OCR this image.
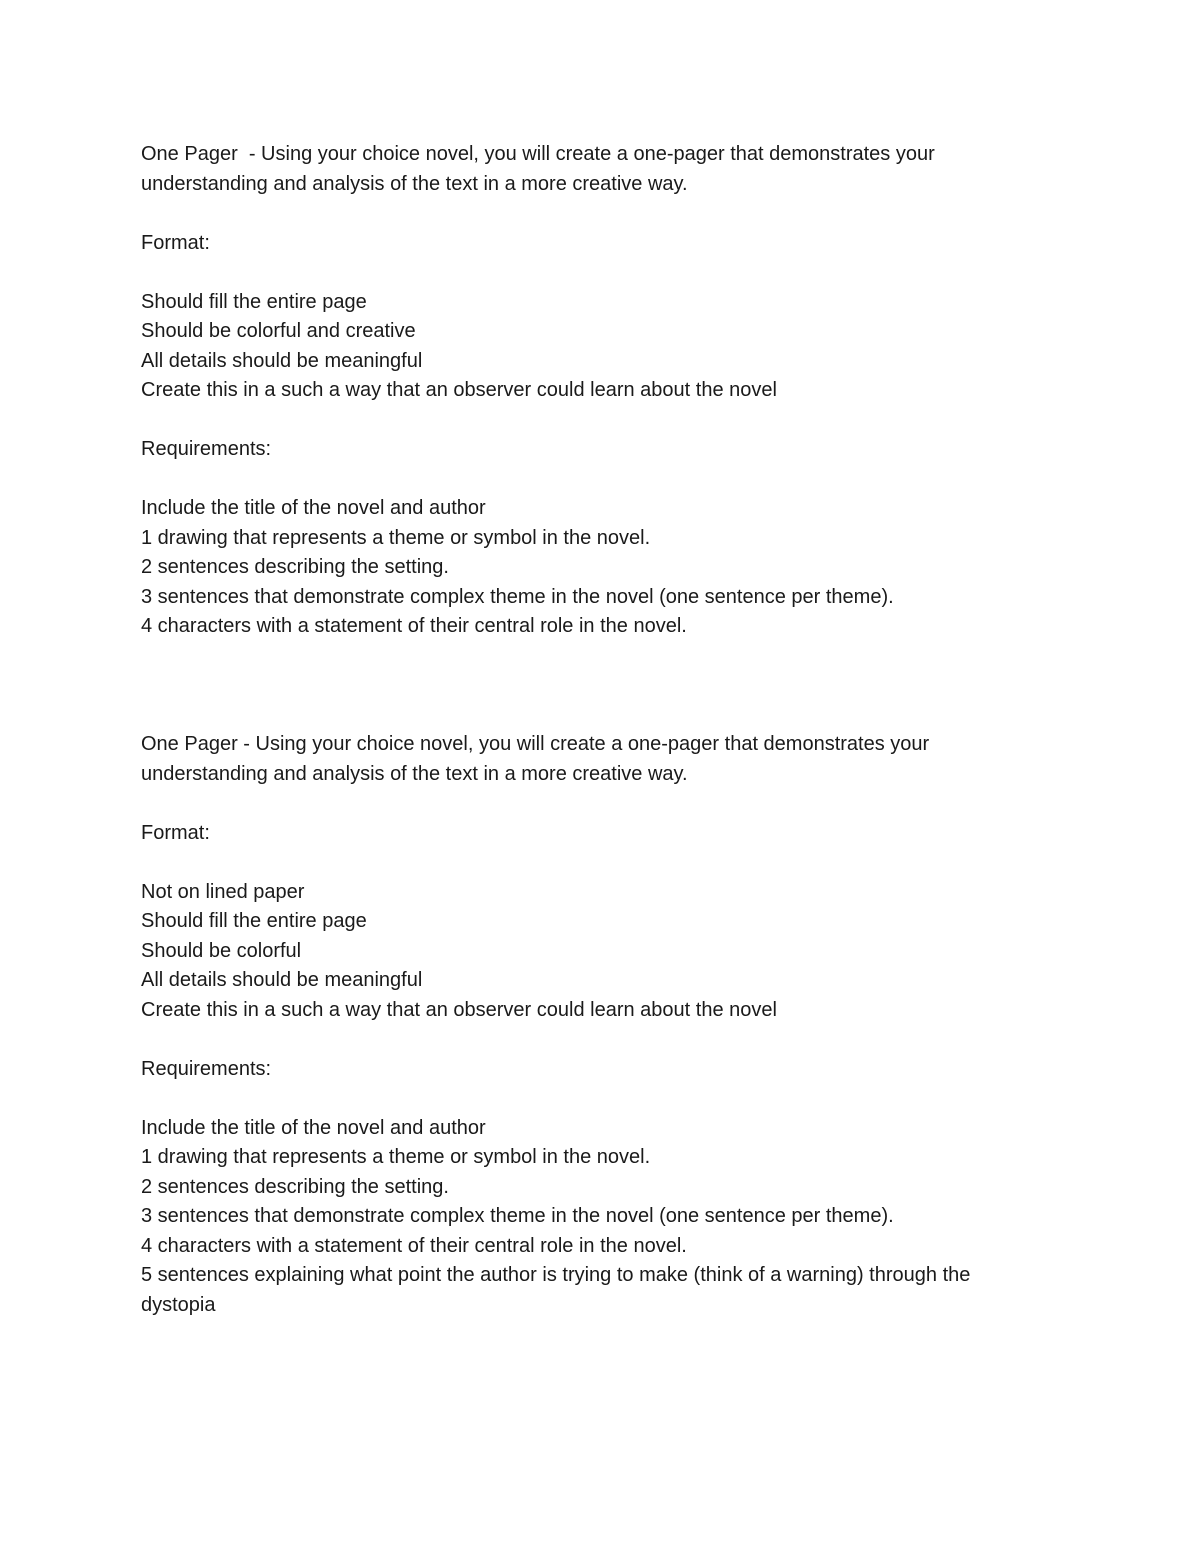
One Pager  - Using your choice novel, you will create a one-pager that demonstrates your

understanding and analysis of the text in a more creative way.

Format:

Should fill the entire page

Should be colorful and creative

All details should be meaningful

Create this in a such a way that an observer could learn about the novel

Requirements:

Include the title of the novel and author

1 drawing that represents a theme or symbol in the novel.

2 sentences describing the setting.

3 sentences that demonstrate complex theme in the novel (one sentence per theme).

4 characters with a statement of their central role in the novel.

One Pager - Using your choice novel, you will create a one-pager that demonstrates your

understanding and analysis of the text in a more creative way.

Format:

Not on lined paper

Should fill the entire page

Should be colorful

All details should be meaningful

Create this in a such a way that an observer could learn about the novel

Requirements:

Include the title of the novel and author

1 drawing that represents a theme or symbol in the novel.

2 sentences describing the setting.

3 sentences that demonstrate complex theme in the novel (one sentence per theme).

4 characters with a statement of their central role in the novel.

5 sentences explaining what point the author is trying to make (think of a warning) through the

dystopia
